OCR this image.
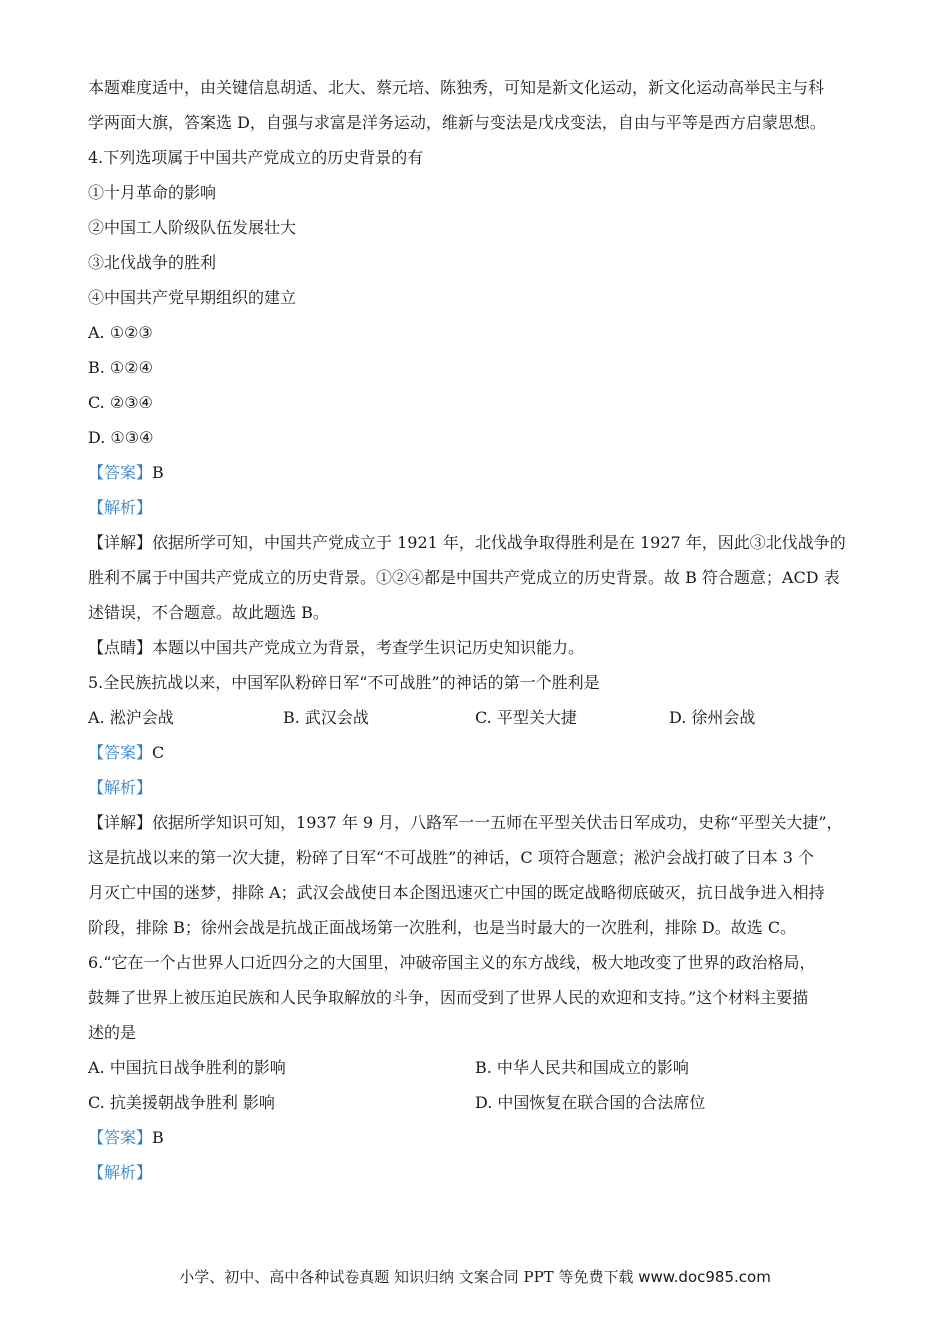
本题难度适中，由关键信息胡适、北大、蔡元培、陈独秀，可知是新文化运动，新文化运动高举民主与科
学两面大旗，答案选 D，自强与求富是洋务运动，维新与变法是戊戌变法，自由与平等是西方启蒙思想。
4.下列选项属于中国共产党成立的历史背景的有
①十月革命的影响
②中国工人阶级队伍发展壮大
③北伐战争的胜利
④中国共产党早期组织的建立
A. ①②③
B. ①②④
C. ②③④
D. ①③④
【答案】B
【解析】
【详解】依据所学可知，中国共产党成立于 1921 年，北伐战争取得胜利是在 1927 年，因此③北伐战争的
胜利不属于中国共产党成立的历史背景。①②④都是中国共产党成立的历史背景。故 B 符合题意；ACD 表
述错误，不合题意。故此题选 B。
【点睛】本题以中国共产党成立为背景，考查学生识记历史知识能力。
5.全民族抗战以来，中国军队粉碎日军“不可战胜”的神话的第一个胜利是
A. 淞沪会战	B. 武汉会战	C. 平型关大捷	D. 徐州会战
【答案】C
【解析】
【详解】依据所学知识可知，1937 年 9 月，八路军一一五师在平型关伏击日军成功，史称“平型关大捷”，
这是抗战以来的第一次大捷，粉碎了日军“不可战胜”的神话，C 项符合题意；淞沪会战打破了日本 3 个
月灭亡中国的迷梦，排除 A；武汉会战使日本企图迅速灭亡中国的既定战略彻底破灭，抗日战争进入相持
阶段，排除 B；徐州会战是抗战正面战场第一次胜利，也是当时最大的一次胜利，排除 D。故选 C。
6.“它在一个占世界人口近四分之的大国里，冲破帝国主义的东方战线，极大地改变了世界的政治格局，
鼓舞了世界上被压迫民族和人民争取解放的斗争，因而受到了世界人民的欢迎和支持。”这个材料主要描
述的是
A. 中国抗日战争胜利的影响	B. 中华人民共和国成立的影响
C. 抗美援朝战争胜利 影响	D. 中国恢复在联合国的合法席位
【答案】B
【解析】
小学、初中、高中各种试卷真题 知识归纳 文案合同 PPT 等免费下载 www.doc985.com
